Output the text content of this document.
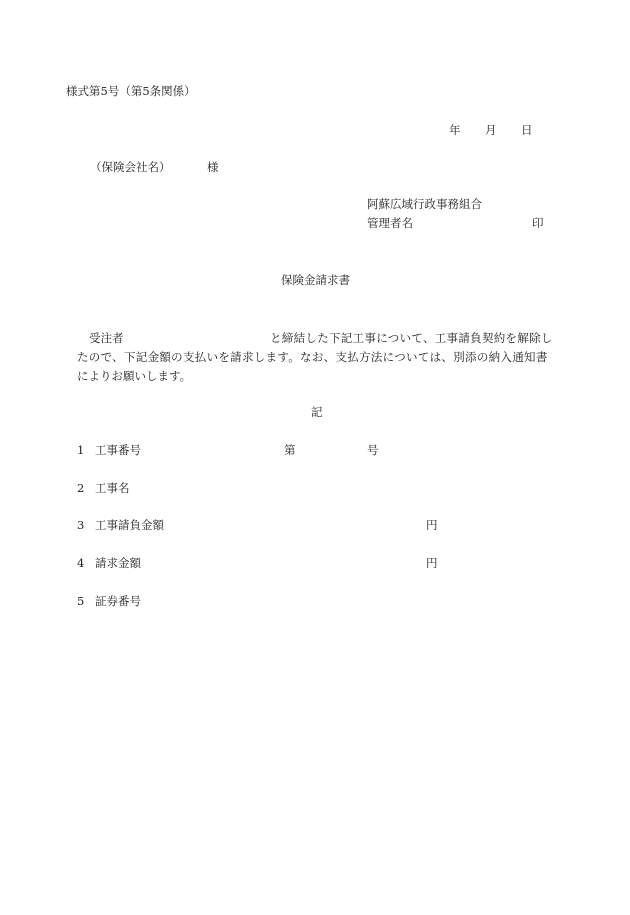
様式第5号（第5条関係）
年 月 日
（保険会社名）	様
阿蘇広域行政事務組合
管理者名	印
保険金請求書
受注者	と締結した下記工事について、工事請負契約を解除し
たので、下記金額の支払いを請求します。なお、支払方法については、別添の納入通知書
によりお願いします。
記
1 工事番号	第	号
2 工事名
3 工事請負金額	円
4 請求金額	円
5 証券番号
